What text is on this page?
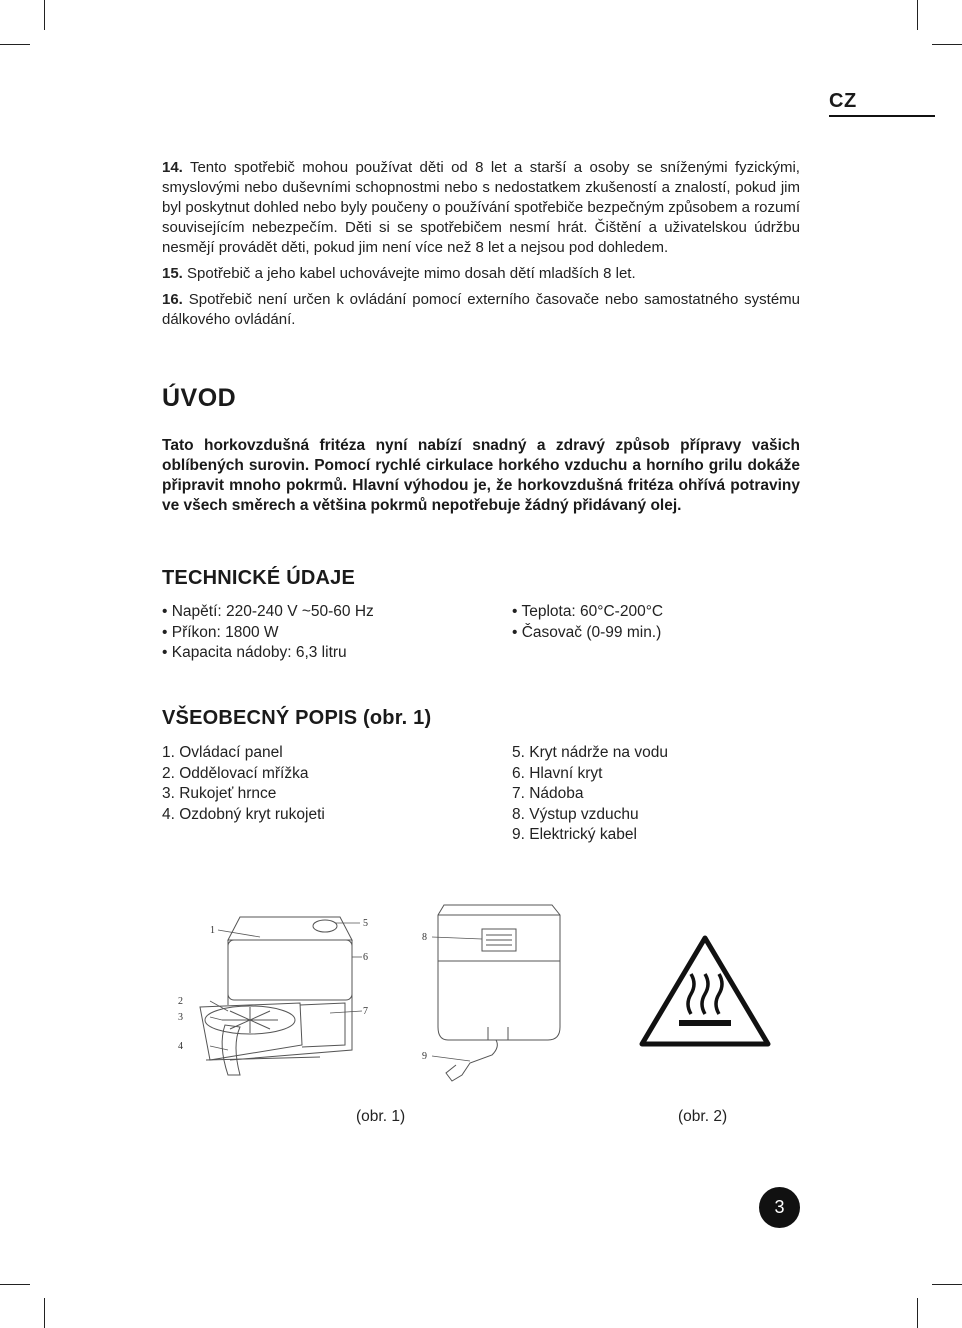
CZ

14. Tento spotřebič mohou používat děti od 8 let a starší a osoby se sníženými fyzickými, smyslovými nebo duševními schopnostmi nebo s nedostatkem zkušeností a znalostí, pokud jim byl poskytnut dohled nebo byly poučeny o používání spotřebiče bezpečným způsobem a rozumí souvisejícím nebezpečím. Děti si se spotřebičem nesmí hrát. Čištění a uživatelskou údržbu nesmějí provádět děti, pokud jim není více než 8 let a nejsou pod dohledem.

15. Spotřebič a jeho kabel uchovávejte mimo dosah dětí mladších 8 let.

16. Spotřebič není určen k ovládání pomocí externího časovače nebo samostatného systému dálkového ovládání.

ÚVOD

Tato horkovzdušná fritéza nyní nabízí snadný a zdravý způsob přípravy vašich oblíbených surovin. Pomocí rychlé cirkulace horkého vzduchu a horního grilu dokáže připravit mnoho pokrmů. Hlavní výhodou je, že horkovzdušná fritéza ohřívá potraviny ve všech směrech a většina pokrmů nepotřebuje žádný přidávaný olej.

TECHNICKÉ ÚDAJE
• Napětí: 220-240 V ~50-60 Hz
• Příkon: 1800 W
• Kapacita nádoby: 6,3 litru
• Teplota: 60°C-200°C
• Časovač (0-99 min.)
VŠEOBECNÝ POPIS (obr. 1)
1. Ovládací panel
2. Oddělovací mřížka
3. Rukojeť hrnce
4. Ozdobný kryt rukojeti
5. Kryt nádrže na vodu
6. Hlavní kryt
7. Nádoba
8. Výstup vzduchu
9. Elektrický kabel
1
2
3
4
5
6
7
8
9
(obr. 1)	(obr. 2)
3
